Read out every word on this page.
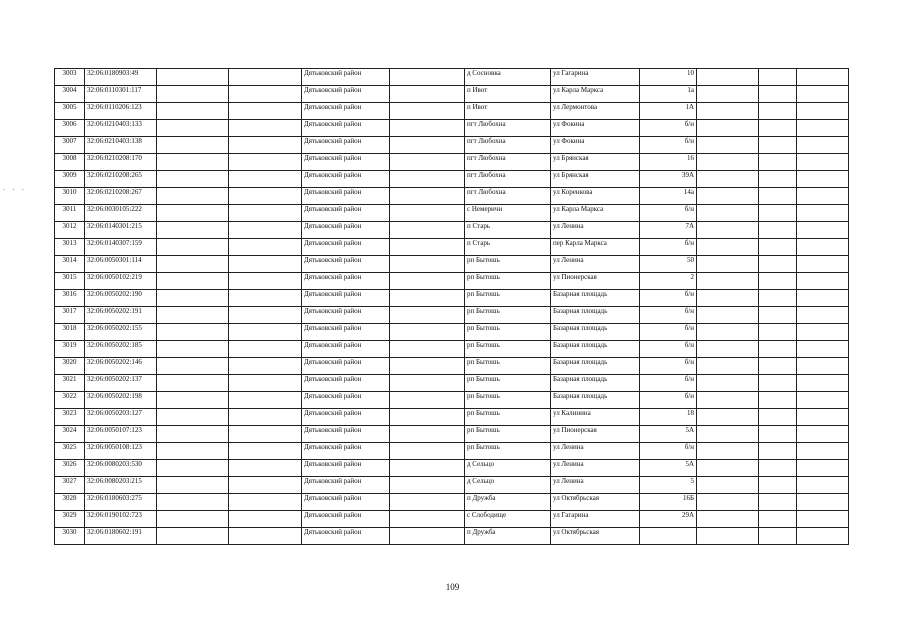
. . .
3003	32:06:0180903:49			Дятьковский район		д Сосновка	ул Гагарина	10			
3004	32:06:0110301:117			Дятьковский район		п Ивот	ул Карла Маркса	1а			
3005	32:06:0110206:123			Дятьковский район		п Ивот	ул Лермонтова	1А			
3006	32:06:0210403:133			Дятьковский район		пгт Любохна	ул Фокина	б/н			
3007	32:06:0210403:138			Дятьковский район		пгт Любохна	ул Фокина	б/н			
3008	32:06:0210208:170			Дятьковский район		пгт Любохна	ул Брянская	16			
3009	32:06:0210208:265			Дятьковский район		пгт Любохна	ул Брянская	39А			
3010	32:06:0210208:267			Дятьковский район		пгт Любохна	ул Коренкова	14а			
3011	32:06:0030105:222			Дятьковский район		с Немеричи	ул Карла Маркса	б/н			
3012	32:06:0140301:215			Дятьковский район		п Старь	ул Ленина	7А			
3013	32:06:0140307:159			Дятьковский район		п Старь	пер Карла Маркса	б/н			
3014	32:06:0050301:114			Дятьковский район		рп Бытошь	ул Ленина	50			
3015	32:06:0050102:219			Дятьковский район		рп Бытошь	ул Пионерская	2			
3016	32:06:0050202:190			Дятьковский район		рп Бытошь	Базарная площадь	б/н			
3017	32:06:0050202:191			Дятьковский район		рп Бытошь	Базарная площадь	б/н			
3018	32:06:0050202:155			Дятьковский район		рп Бытошь	Базарная площадь	б/н			
3019	32:06:0050202:185			Дятьковский район		рп Бытошь	Базарная площадь	б/н			
3020	32:06:0050202:146			Дятьковский район		рп Бытошь	Базарная площадь	б/н			
3021	32:06:0050202:137			Дятьковский район		рп Бытошь	Базарная площадь	б/н			
3022	32:06:0050202:198			Дятьковский район		рп Бытошь	Базарная площадь	б/н			
3023	32:06:0050203:127			Дятьковский район		рп Бытошь	ул Калинина	18			
3024	32:06:0050107:123			Дятьковский район		рп Бытошь	ул Пионерская	5А			
3025	32:06:0050108:123			Дятьковский район		рп Бытошь	ул Ленина	б/н			
3026	32:06:0080203:530			Дятьковский район		д Сельцо	ул Ленина	5А			
3027	32:06:0080203:215			Дятьковский район		д Сельцо	ул Ленина	5			
3028	32:06:0180603:275			Дятьковский район		п Дружба	ул Октябрьская	16Б			
3029	32:06:0190102:723			Дятьковский район		с Слободище	ул Гагарина	29А			
3030	32:06:0180602:191			Дятьковский район		п Дружба	ул Октябрьская				
109
